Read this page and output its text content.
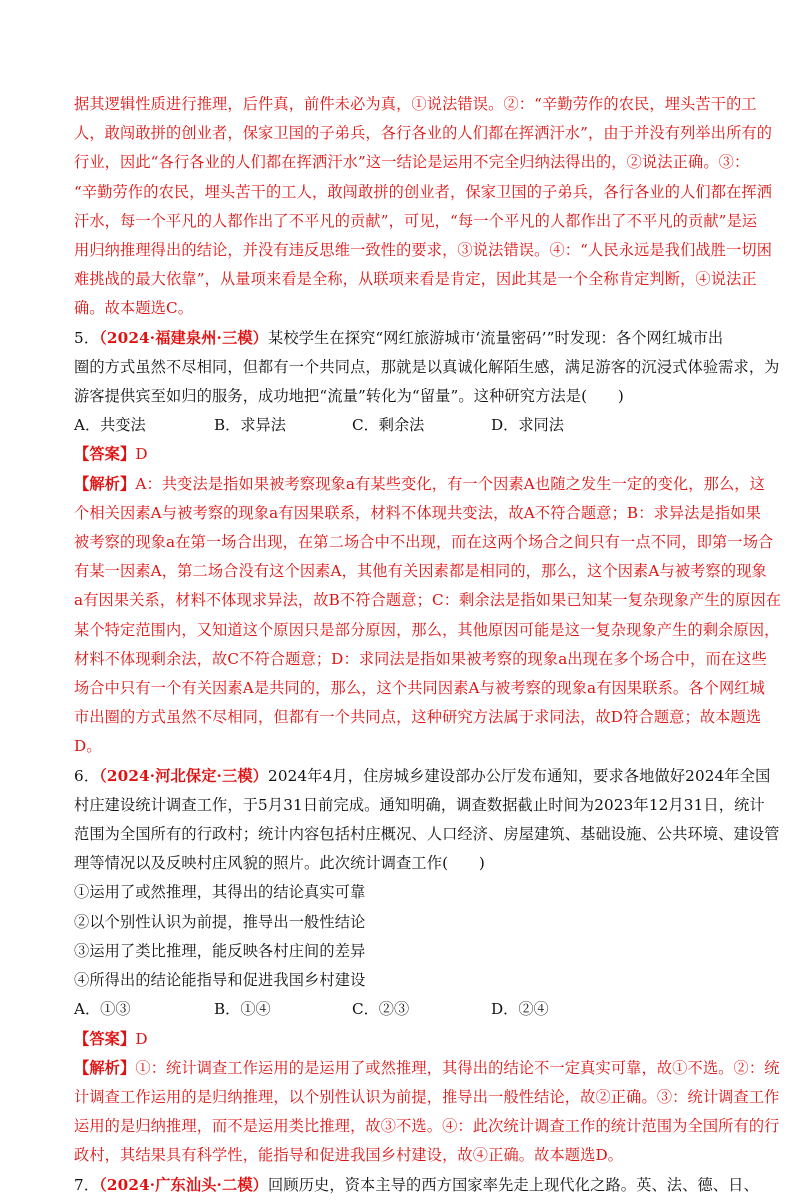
据其逻辑性质进行推理，后件真，前件未必为真，①说法错误。②：“辛勤劳作的农民，埋头苦干的工
人，敢闯敢拼的创业者，保家卫国的子弟兵，各行各业的人们都在挥洒汗水”，由于并没有列举出所有的
行业，因此“各行各业的人们都在挥洒汗水”这一结论是运用不完全归纳法得出的，②说法正确。③：
“辛勤劳作的农民，埋头苦干的工人，敢闯敢拼的创业者，保家卫国的子弟兵，各行各业的人们都在挥洒
汗水，每一个平凡的人都作出了不平凡的贡献”，可见，“每一个平凡的人都作出了不平凡的贡献”是运
用归纳推理得出的结论，并没有违反思维一致性的要求，③说法错误。④：“人民永远是我们战胜一切困
难挑战的最大依靠”，从量项来看是全称，从联项来看是肯定，因此其是一个全称肯定判断，④说法正
确。故本题选C。
5．（2024·福建泉州·三模）某校学生在探究“网红旅游城市‘流量密码’”时发现：各个网红城市出
圈的方式虽然不尽相同，但都有一个共同点，那就是以真诚化解陌生感，满足游客的沉浸式体验需求，为
游客提供宾至如归的服务，成功地把“流量”转化为“留量”。这种研究方法是(　　)
A．共变法	B．求异法	C．剩余法	D．求同法
【答案】D
【解析】A：共变法是指如果被考察现象a有某些变化，有一个因素A也随之发生一定的变化，那么，这
个相关因素A与被考察的现象a有因果联系，材料不体现共变法，故A不符合题意；B：求异法是指如果
被考察的现象a在第一场合出现，在第二场合中不出现，而在这两个场合之间只有一点不同，即第一场合
有某一因素A，第二场合没有这个因素A，其他有关因素都是相同的，那么，这个因素A与被考察的现象
a有因果关系，材料不体现求异法，故B不符合题意；C：剩余法是指如果已知某一复杂现象产生的原因在
某个特定范围内，又知道这个原因只是部分原因，那么，其他原因可能是这一复杂现象产生的剩余原因，
材料不体现剩余法，故C不符合题意；D：求同法是指如果被考察的现象a出现在多个场合中，而在这些
场合中只有一个有关因素A是共同的，那么，这个共同因素A与被考察的现象a有因果联系。各个网红城
市出圈的方式虽然不尽相同，但都有一个共同点，这种研究方法属于求同法，故D符合题意；故本题选
D。
6．（2024·河北保定·三模）2024年4月，住房城乡建设部办公厅发布通知，要求各地做好2024年全国
村庄建设统计调查工作，于5月31日前完成。通知明确，调查数据截止时间为2023年12月31日，统计
范围为全国所有的行政村；统计内容包括村庄概况、人口经济、房屋建筑、基础设施、公共环境、建设管
理等情况以及反映村庄风貌的照片。此次统计调查工作(　　)
①运用了或然推理，其得出的结论真实可靠
②以个别性认识为前提，推导出一般性结论
③运用了类比推理，能反映各村庄间的差异
④所得出的结论能指导和促进我国乡村建设
A．①③	B．①④	C．②③	D．②④
【答案】D
【解析】①：统计调查工作运用的是运用了或然推理，其得出的结论不一定真实可靠，故①不选。②：统
计调查工作运用的是归纳推理，以个别性认识为前提，推导出一般性结论，故②正确。③：统计调查工作
运用的是归纳推理，而不是运用类比推理，故③不选。④：此次统计调查工作的统计范围为全国所有的行
政村，其结果具有科学性，能指导和促进我国乡村建设，故④正确。故本题选D。
7．（2024·广东汕头·二模）回顾历史，资本主导的西方国家率先走上现代化之路。英、法、德、日、
